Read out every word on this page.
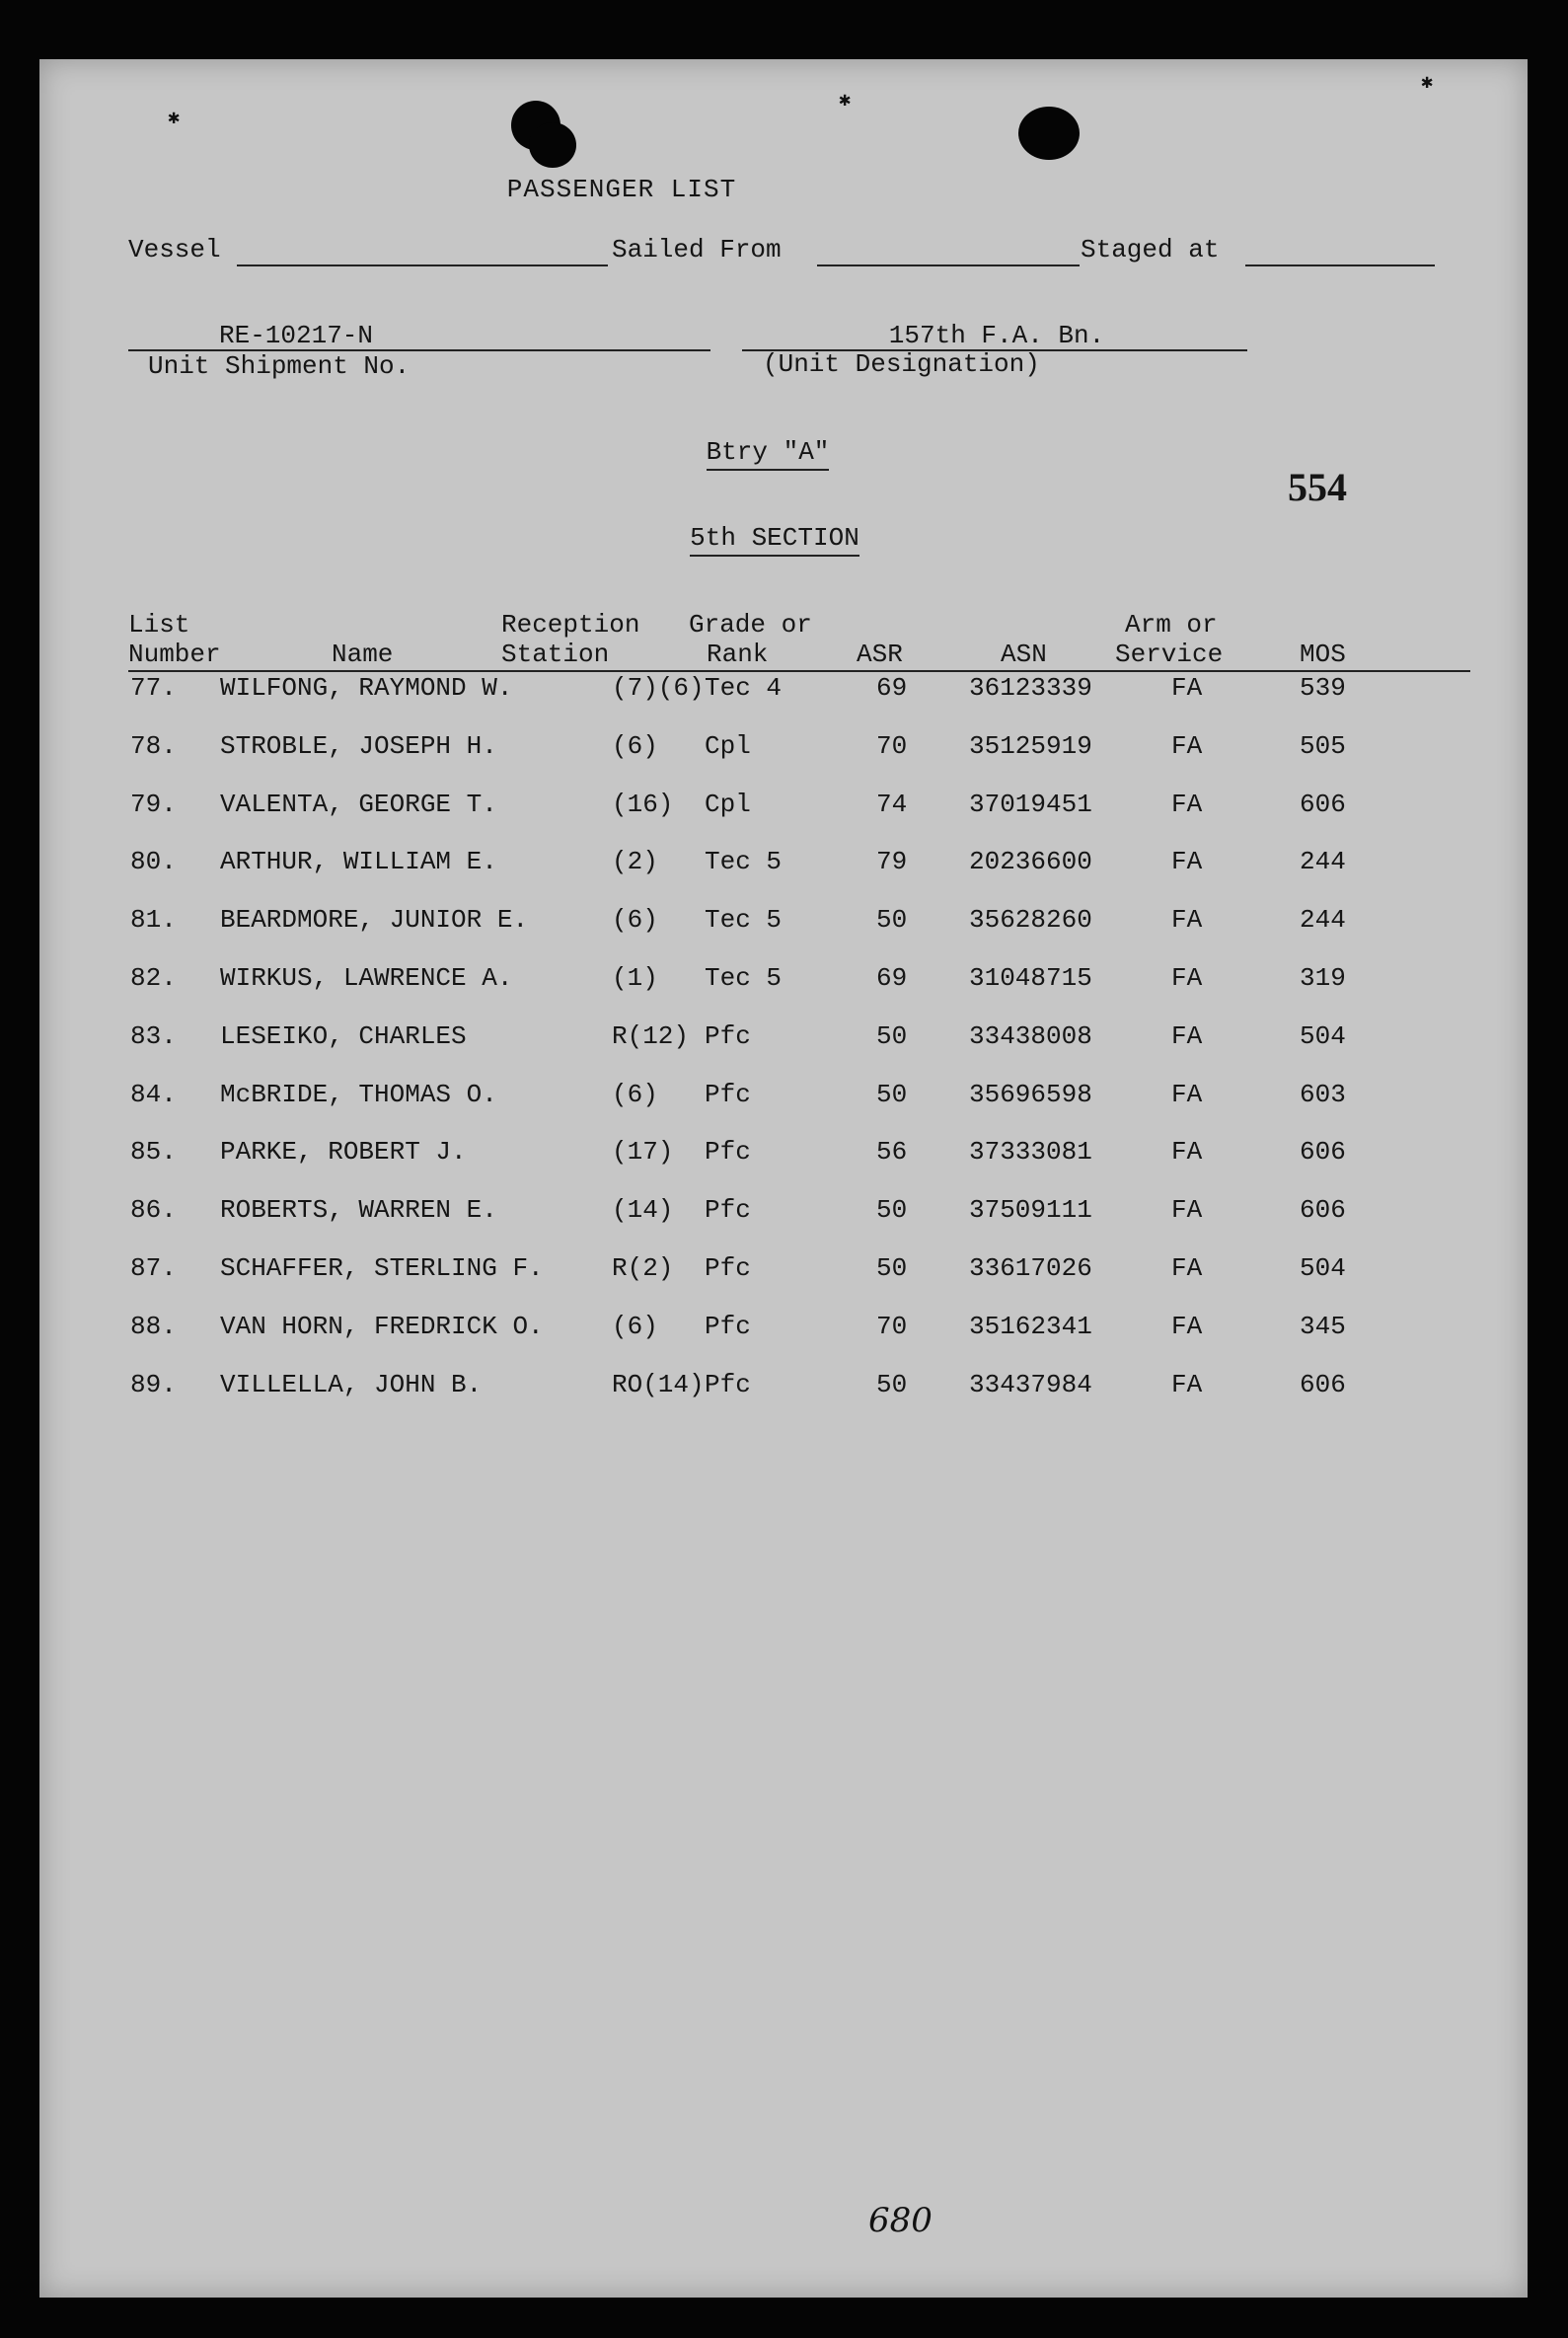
✱
✱
✱
PASSENGER LIST
Vessel	Sailed From	Staged at
RE-10217-N
Unit Shipment No.
157th F.A. Bn.
(Unit Designation)
Btry "A"
5th SECTION
554
List
Number	Name
Reception
Station
Grade or
Rank	ASR	ASN
Arm or
Service	MOS
77. WILFONG, RAYMOND W.	(7)(6) Tec 4	69 36123339	FA	539
78. STROBLE, JOSEPH H.	(6) Cpl	70 35125919	FA	505
79. VALENTA, GEORGE T.	(16) Cpl	74 37019451	FA	606
80. ARTHUR, WILLIAM E.	(2) Tec 5	79 20236600	FA	244
81. BEARDMORE, JUNIOR E.	(6) Tec 5	50 35628260	FA	244
82. WIRKUS, LAWRENCE A.	(1) Tec 5	69 31048715	FA	319
83. LESEIKO, CHARLES	R(12) Pfc	50 33438008	FA	504
84. McBRIDE, THOMAS O.	(6) Pfc	50 35696598	FA	603
85. PARKE, ROBERT J.	(17) Pfc	56 37333081	FA	606
86. ROBERTS, WARREN E.	(14) Pfc	50 37509111	FA	606
87. SCHAFFER, STERLING F.	R(2) Pfc	50 33617026	FA	504
88. VAN HORN, FREDRICK O.	(6) Pfc	70 35162341	FA	345
89. VILLELLA, JOHN B.	RO(14) Pfc	50 33437984	FA	606
680
